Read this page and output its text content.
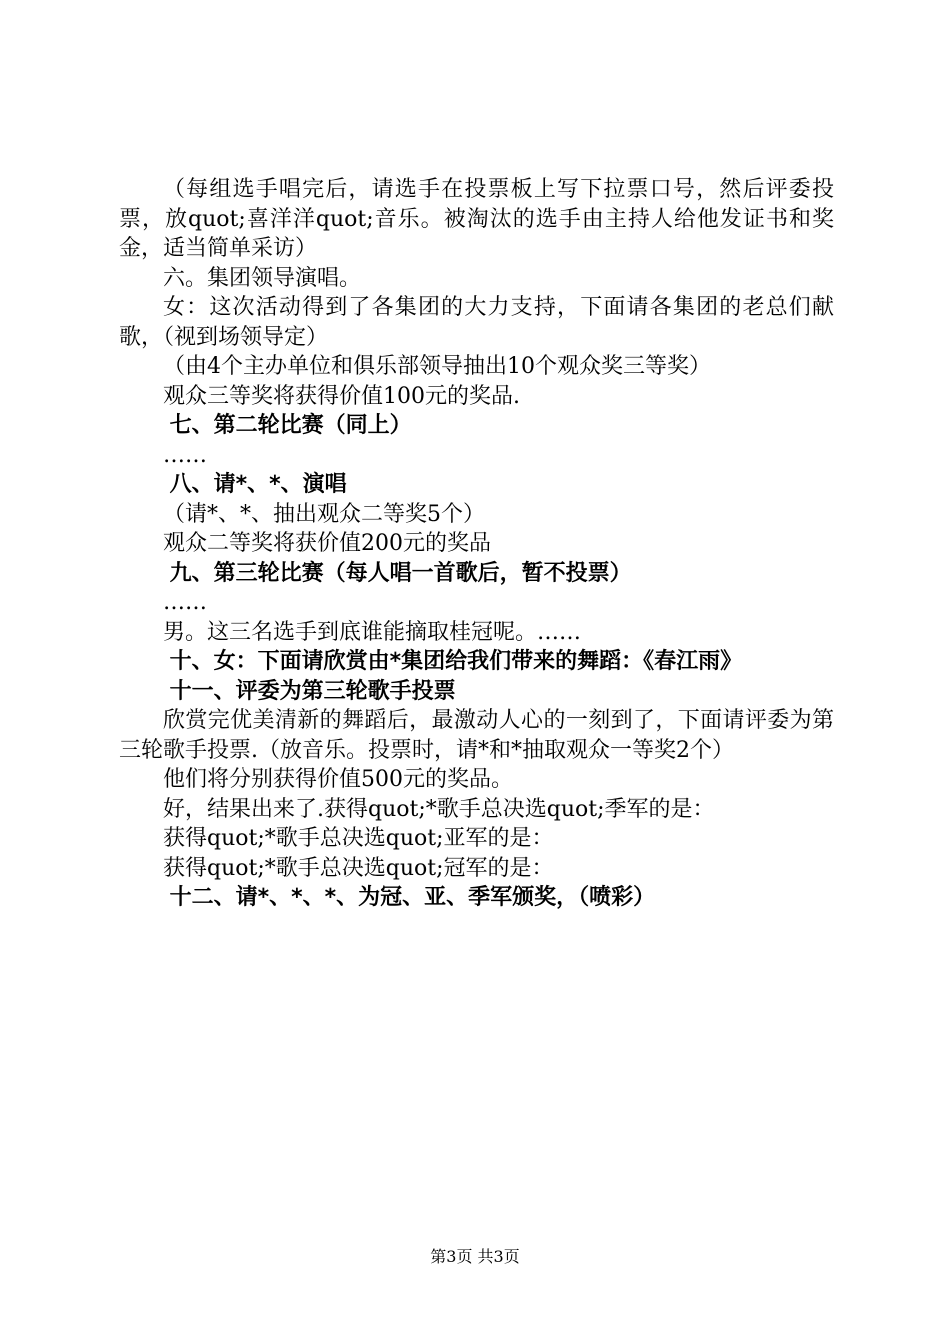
（每组选手唱完后，请选手在投票板上写下拉票口号，然后评委投票，放quot;喜洋洋quot;音乐。被淘汰的选手由主持人给他发证书和奖金，适当简单采访）

六。集团领导演唱。

女：这次活动得到了各集团的大力支持，下面请各集团的老总们献歌，（视到场领导定）

（由4个主办单位和俱乐部领导抽出10个观众奖三等奖）

观众三等奖将获得价值100元的奖品.

七、第二轮比赛（同上）

……

八、请*、*、演唱

（请*、*、抽出观众二等奖5个）

观众二等奖将获价值200元的奖品

九、第三轮比赛（每人唱一首歌后，暂不投票）

……

男。这三名选手到底谁能摘取桂冠呢。……

十、女：下面请欣赏由*集团给我们带来的舞蹈：《春江雨》

十一、评委为第三轮歌手投票

欣赏完优美清新的舞蹈后，最激动人心的一刻到了，下面请评委为第三轮歌手投票.（放音乐。投票时，请*和*抽取观众一等奖2个）

他们将分别获得价值500元的奖品。

好，结果出来了.获得quot;*歌手总决选quot;季军的是：

获得quot;*歌手总决选quot;亚军的是：

获得quot;*歌手总决选quot;冠军的是：

十二、请*、*、*、为冠、亚、季军颁奖，（喷彩）

第3页 共3页
